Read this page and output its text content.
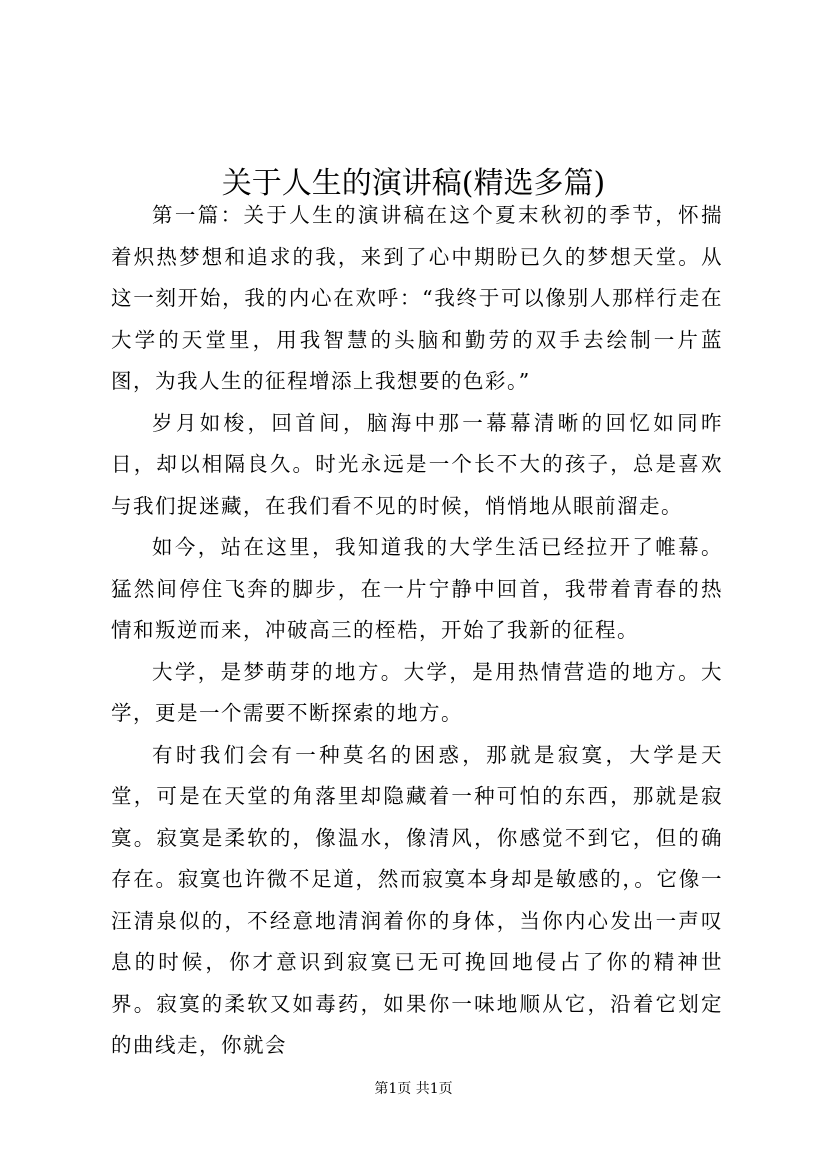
关于人生的演讲稿(精选多篇)

第一篇：关于人生的演讲稿在这个夏末秋初的季节，怀揣着炽热梦想和追求的我，来到了心中期盼已久的梦想天堂。从这一刻开始，我的内心在欢呼：“我终于可以像别人那样行走在大学的天堂里，用我智慧的头脑和勤劳的双手去绘制一片蓝图，为我人生的征程增添上我想要的色彩。”

岁月如梭，回首间，脑海中那一幕幕清晰的回忆如同昨日，却以相隔良久。时光永远是一个长不大的孩子，总是喜欢与我们捉迷藏，在我们看不见的时候，悄悄地从眼前溜走。

如今，站在这里，我知道我的大学生活已经拉开了帷幕。猛然间停住飞奔的脚步，在一片宁静中回首，我带着青春的热情和叛逆而来，冲破高三的桎梏，开始了我新的征程。

大学，是梦萌芽的地方。大学，是用热情营造的地方。大学，更是一个需要不断探索的地方。

有时我们会有一种莫名的困惑，那就是寂寞，大学是天堂，可是在天堂的角落里却隐藏着一种可怕的东西，那就是寂寞。寂寞是柔软的，像温水，像清风，你感觉不到它，但的确存在。寂寞也许微不足道，然而寂寞本身却是敏感的，。它像一汪清泉似的，不经意地清润着你的身体，当你内心发出一声叹息的时候，你才意识到寂寞已无可挽回地侵占了你的精神世界。寂寞的柔软又如毒药，如果你一味地顺从它，沿着它划定的曲线走，你就会

第1页 共1页
